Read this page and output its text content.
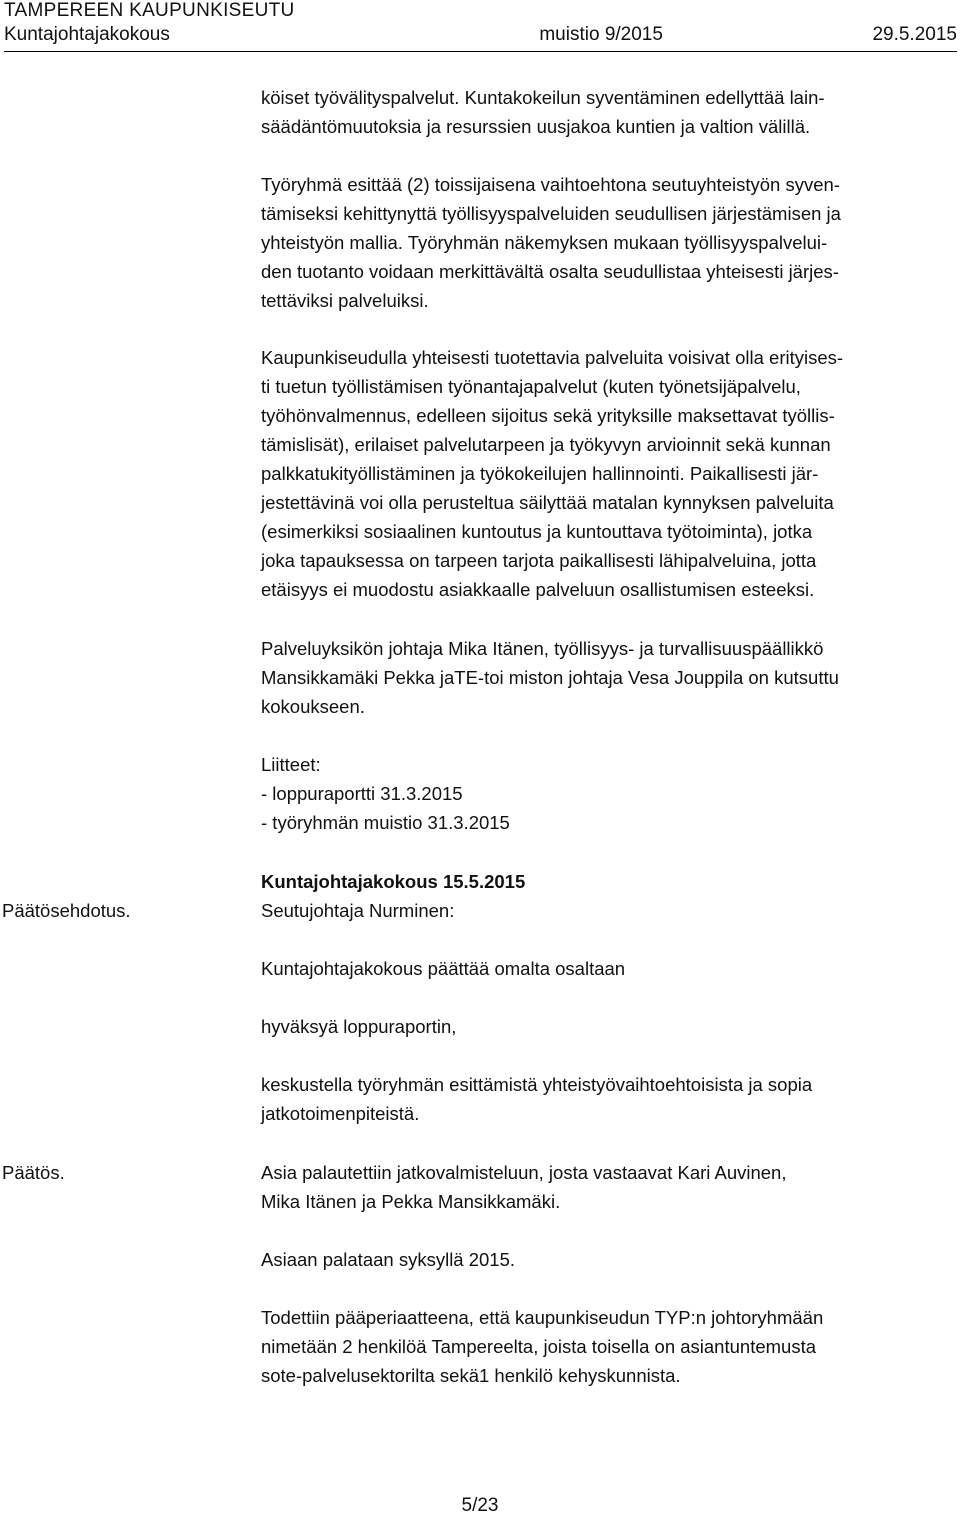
TAMPEREEN KAUPUNKISEUTU
Kuntajohtajakokous	muistio 9/2015	29.5.2015

köiset työvälityspalvelut. Kuntakokeilun syventäminen edellyttää lain-
säädäntömuutoksia ja resurssien uusjakoa kuntien ja valtion välillä.

Työryhmä esittää (2) toissijaisena vaihtoehtona seutuyhteistyön syven-
tämiseksi kehittynyttä työllisyyspalveluiden seudullisen järjestämisen ja
yhteistyön mallia. Työryhmän näkemyksen mukaan työllisyyspalvelui-
den tuotanto voidaan merkittävältä osalta seudullistaa yhteisesti järjes-
tettäviksi palveluiksi.

Kaupunkiseudulla yhteisesti tuotettavia palveluita voisivat olla erityises-
ti tuetun työllistämisen työnantajapalvelut (kuten työnetsijäpalvelu,
työhönvalmennus, edelleen sijoitus sekä yrityksille maksettavat työllis-
tämislisät), erilaiset palvelutarpeen ja työkyvyn arvioinnit sekä kunnan
palkkatukityöllistäminen ja työkokeilujen hallinnointi. Paikallisesti jär-
jestettävinä voi olla perusteltua säilyttää matalan kynnyksen palveluita
(esimerkiksi sosiaalinen kuntoutus ja kuntouttava työtoiminta), jotka
joka tapauksessa on tarpeen tarjota paikallisesti lähipalveluina, jotta
etäisyys ei muodostu asiakkaalle palveluun osallistumisen esteeksi.

Palveluyksikön johtaja Mika Itänen, työllisyys- ja turvallisuuspäällikkö
Mansikkamäki Pekka jaTE-toi miston johtaja Vesa Jouppila on kutsuttu
kokoukseen.

Liitteet:
- loppuraportti 31.3.2015
- työryhmän muistio 31.3.2015

Kuntajohtajakokous 15.5.2015

Päätösehdotus.	Seutujohtaja Nurminen:

Kuntajohtajakokous päättää omalta osaltaan

hyväksyä loppuraportin,

keskustella työryhmän esittämistä yhteistyövaihtoehtoisista ja sopia
jatkotoimenpiteistä.

Päätös.	Asia palautettiin jatkovalmisteluun, josta vastaavat Kari Auvinen,
Mika Itänen ja Pekka Mansikkamäki.

Asiaan palataan syksyllä 2015.

Todettiin pääperiaatteena, että kaupunkiseudun TYP:n johtoryhmään
nimetään 2 henkilöä Tampereelta, joista toisella on asiantuntemusta
sote-palvelusektorilta sekä1 henkilö kehyskunnista.

5/23
